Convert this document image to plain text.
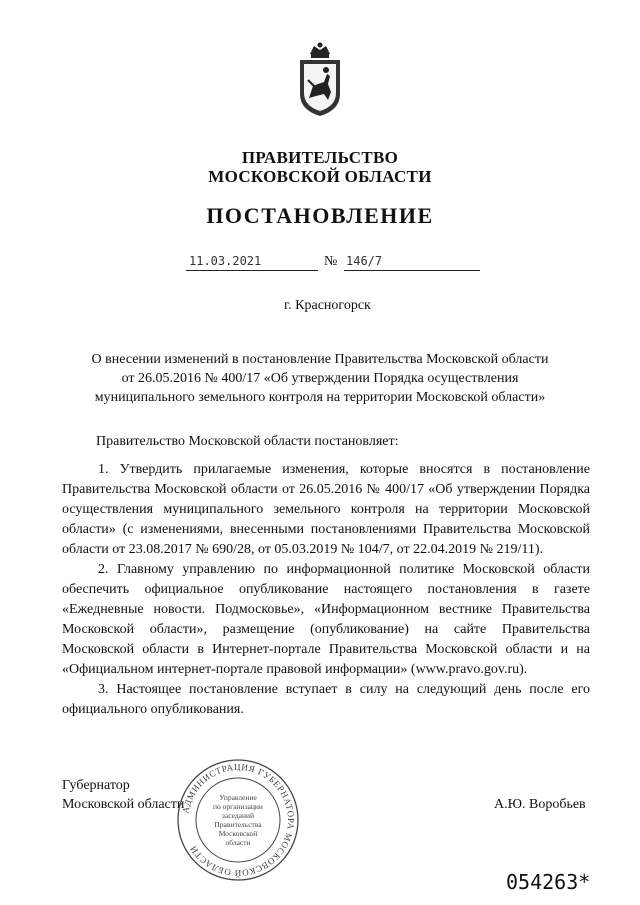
ПРАВИТЕЛЬСТВО
МОСКОВСКОЙ ОБЛАСТИ
ПОСТАНОВЛЕНИЕ
11.03.2021	№ 146/7
г. Красногорск
О внесении изменений в постановление Правительства Московской области
от 26.05.2016 № 400/17 «Об утверждении Порядка осуществления
муниципального земельного контроля на территории Московской области»
Правительство Московской области постановляет:

1. Утвердить прилагаемые изменения, которые вносятся в постановление Правительства Московской области от 26.05.2016 № 400/17 «Об утверждении Порядка осуществления муниципального земельного контроля на территории Московской области» (с изменениями, внесенными постановлениями Правительства Московской области от 23.08.2017 № 690/28, от 05.03.2019 № 104/7, от 22.04.2019 № 219/11).

2. Главному управлению по информационной политике Московской области обеспечить официальное опубликование настоящего постановления в газете «Ежедневные новости. Подмосковье», «Информационном вестнике Правительства Московской области», размещение (опубликование) на сайте Правительства Московской области в Интернет-портале Правительства Московской области и на «Официальном интернет-портале правовой информации» (www.pravo.gov.ru).

3. Настоящее постановление вступает в силу на следующий день после его официального опубликования.

Губернатор
Московской области	А.Ю. Воробьев
АДМИНИСТРАЦИЯ ГУБЕРНАТОРА МОСКОВСКОЙ ОБЛАСТИ
Управление
по организации
заседаний
Правительства
Московской
области
054263*
